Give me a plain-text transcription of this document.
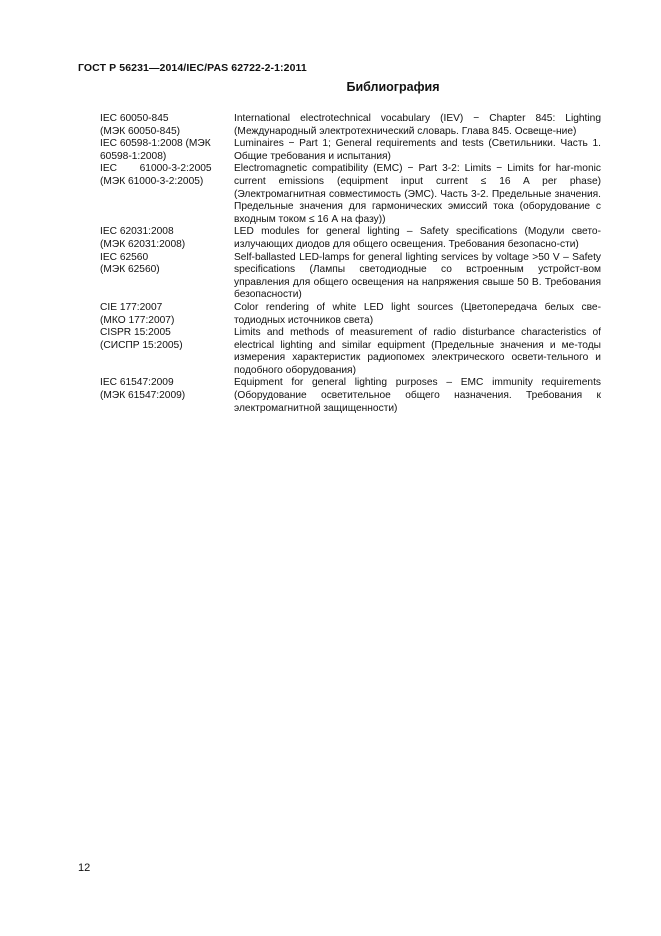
ГОСТ Р 56231—2014/IEC/PAS 62722-2-1:2011
Библиография
IEC 60050-845
(МЭК 60050-845)
International electrotechnical vocabulary (IEV) − Chapter 845: Lighting (Международный электротехнический словарь. Глава 845. Освеще-ние)
IEC 60598-1:2008 (МЭК
60598-1:2008)
Luminaires − Part 1; General requirements and tests (Светильники. Часть 1. Общие требования и испытания)
IEC        61000-3-2:2005
(МЭК 61000-3-2:2005)
Electromagnetic compatibility (EMC) − Part 3-2: Limits − Limits for har-monic current emissions (equipment input current ≤ 16 A per phase) (Электромагнитная совместимость (ЭМС). Часть 3-2. Предельные значения. Предельные значения для гармонических эмиссий тока (оборудование с входным током ≤ 16 А на фазу))
IEC 62031:2008
(МЭК 62031:2008)
LED modules for general lighting – Safety specifications (Модули свето-излучающих диодов для общего освещения. Требования безопасно-сти)
IEC 62560
(МЭК 62560)
Self-ballasted LED-lamps for general lighting services by voltage >50 V – Safety specifications (Лампы светодиодные со встроенным устройст-вом управления для общего освещения на напряжения свыше 50 В. Требования безопасности)
CIE 177:2007
(МКО 177:2007)
Color rendering of white LED light sources (Цветопередача белых све-тодиодных источников света)
CISPR 15:2005
(СИСПР 15:2005)
Limits and methods of measurement of radio disturbance characteristics of electrical lighting and similar equipment (Предельные значения и ме-тоды измерения характеристик радиопомех электрического освети-тельного и подобного оборудования)
IEC 61547:2009
(МЭК 61547:2009)
Equipment for general lighting purposes – EMC immunity requirements (Оборудование осветительное общего назначения. Требования к электромагнитной защищенности)
12
